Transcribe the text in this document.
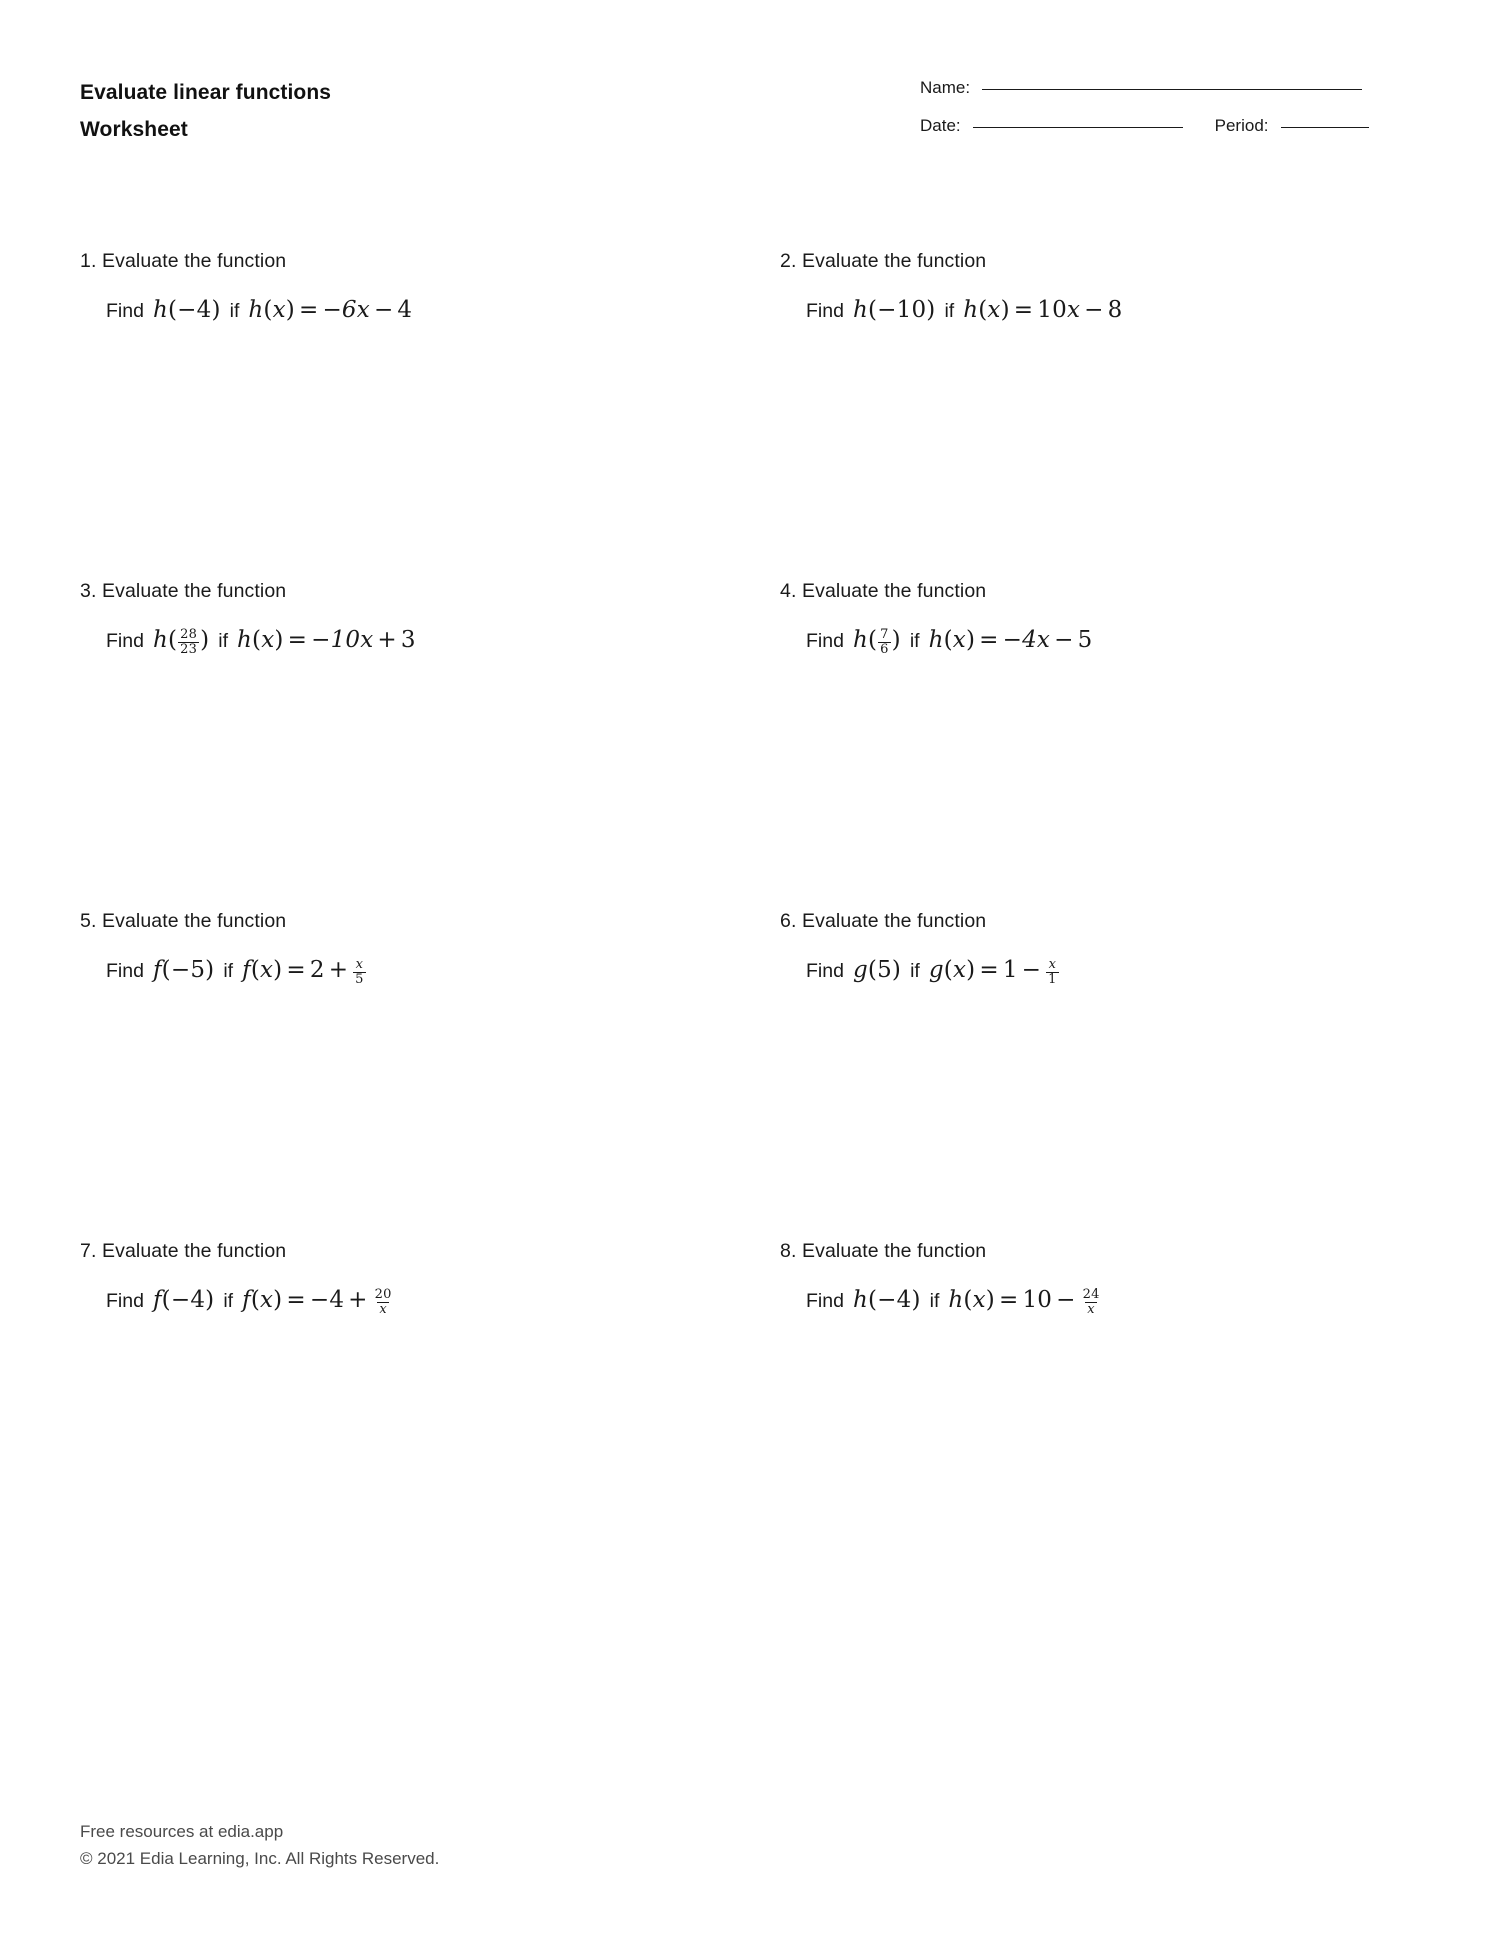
Evaluate linear functions
Worksheet
Name:
Date:	Period:
1. Evaluate the function
Find h(−4) if h(x) = −6x − 4
2. Evaluate the function
Find h(−10) if h(x) = 10x − 8
3. Evaluate the function
Find $h( \frac{28}{23}$ ) if h(x) = −10x + 3
4. Evaluate the function
Find $h( \frac{7}{6}$ ) if h(x) = −4x − 5
5. Evaluate the function
Find f(−5) if $f(x) = 2 + \frac{x}{5}$
6. Evaluate the function
Find g(5) if $g(x) = 1 - \frac{x}{1}$
7. Evaluate the function
Find f(−4) if $f(x) = -4 + \frac{20}{x}$
8. Evaluate the function
Find h(−4) if $h(x) = 10 - \frac{24}{x}$
Free resources at edia.app
© 2021 Edia Learning, Inc. All Rights Reserved.
